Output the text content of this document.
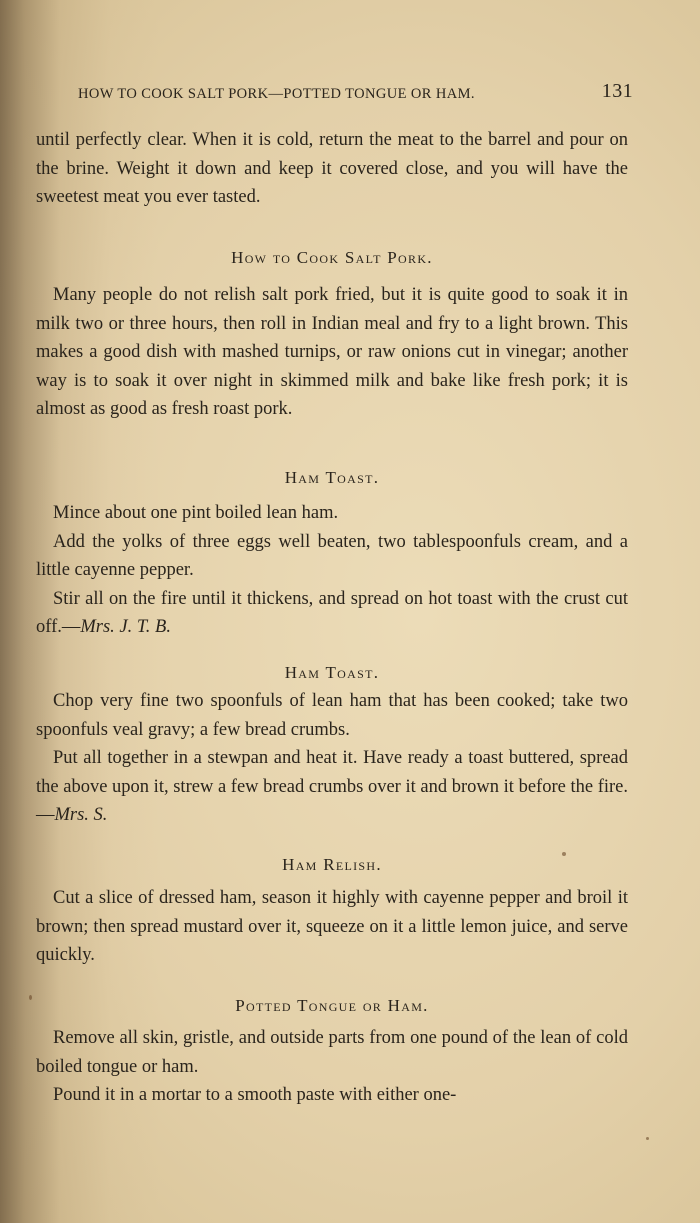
HOW TO COOK SALT PORK—POTTED TONGUE OR HAM.	131

until perfectly clear. When it is cold, return the meat to the barrel and pour on the brine. Weight it down and keep it covered close, and you will have the sweetest meat you ever tasted.

How to Cook Salt Pork.

Many people do not relish salt pork fried, but it is quite good to soak it in milk two or three hours, then roll in Indian meal and fry to a light brown. This makes a good dish with mashed turnips, or raw onions cut in vinegar; another way is to soak it over night in skimmed milk and bake like fresh pork; it is almost as good as fresh roast pork.

Ham Toast.

Mince about one pint boiled lean ham.

Add the yolks of three eggs well beaten, two tablespoonfuls cream, and a little cayenne pepper.

Stir all on the fire until it thickens, and spread on hot toast with the crust cut off.—Mrs. J. T. B.

Ham Toast.

Chop very fine two spoonfuls of lean ham that has been cooked; take two spoonfuls veal gravy; a few bread crumbs.

Put all together in a stewpan and heat it. Have ready a toast buttered, spread the above upon it, strew a few bread crumbs over it and brown it before the fire.—Mrs. S.

Ham Relish.

Cut a slice of dressed ham, season it highly with cayenne pepper and broil it brown; then spread mustard over it, squeeze on it a little lemon juice, and serve quickly.

Potted Tongue or Ham.

Remove all skin, gristle, and outside parts from one pound of the lean of cold boiled tongue or ham.

Pound it in a mortar to a smooth paste with either one-
